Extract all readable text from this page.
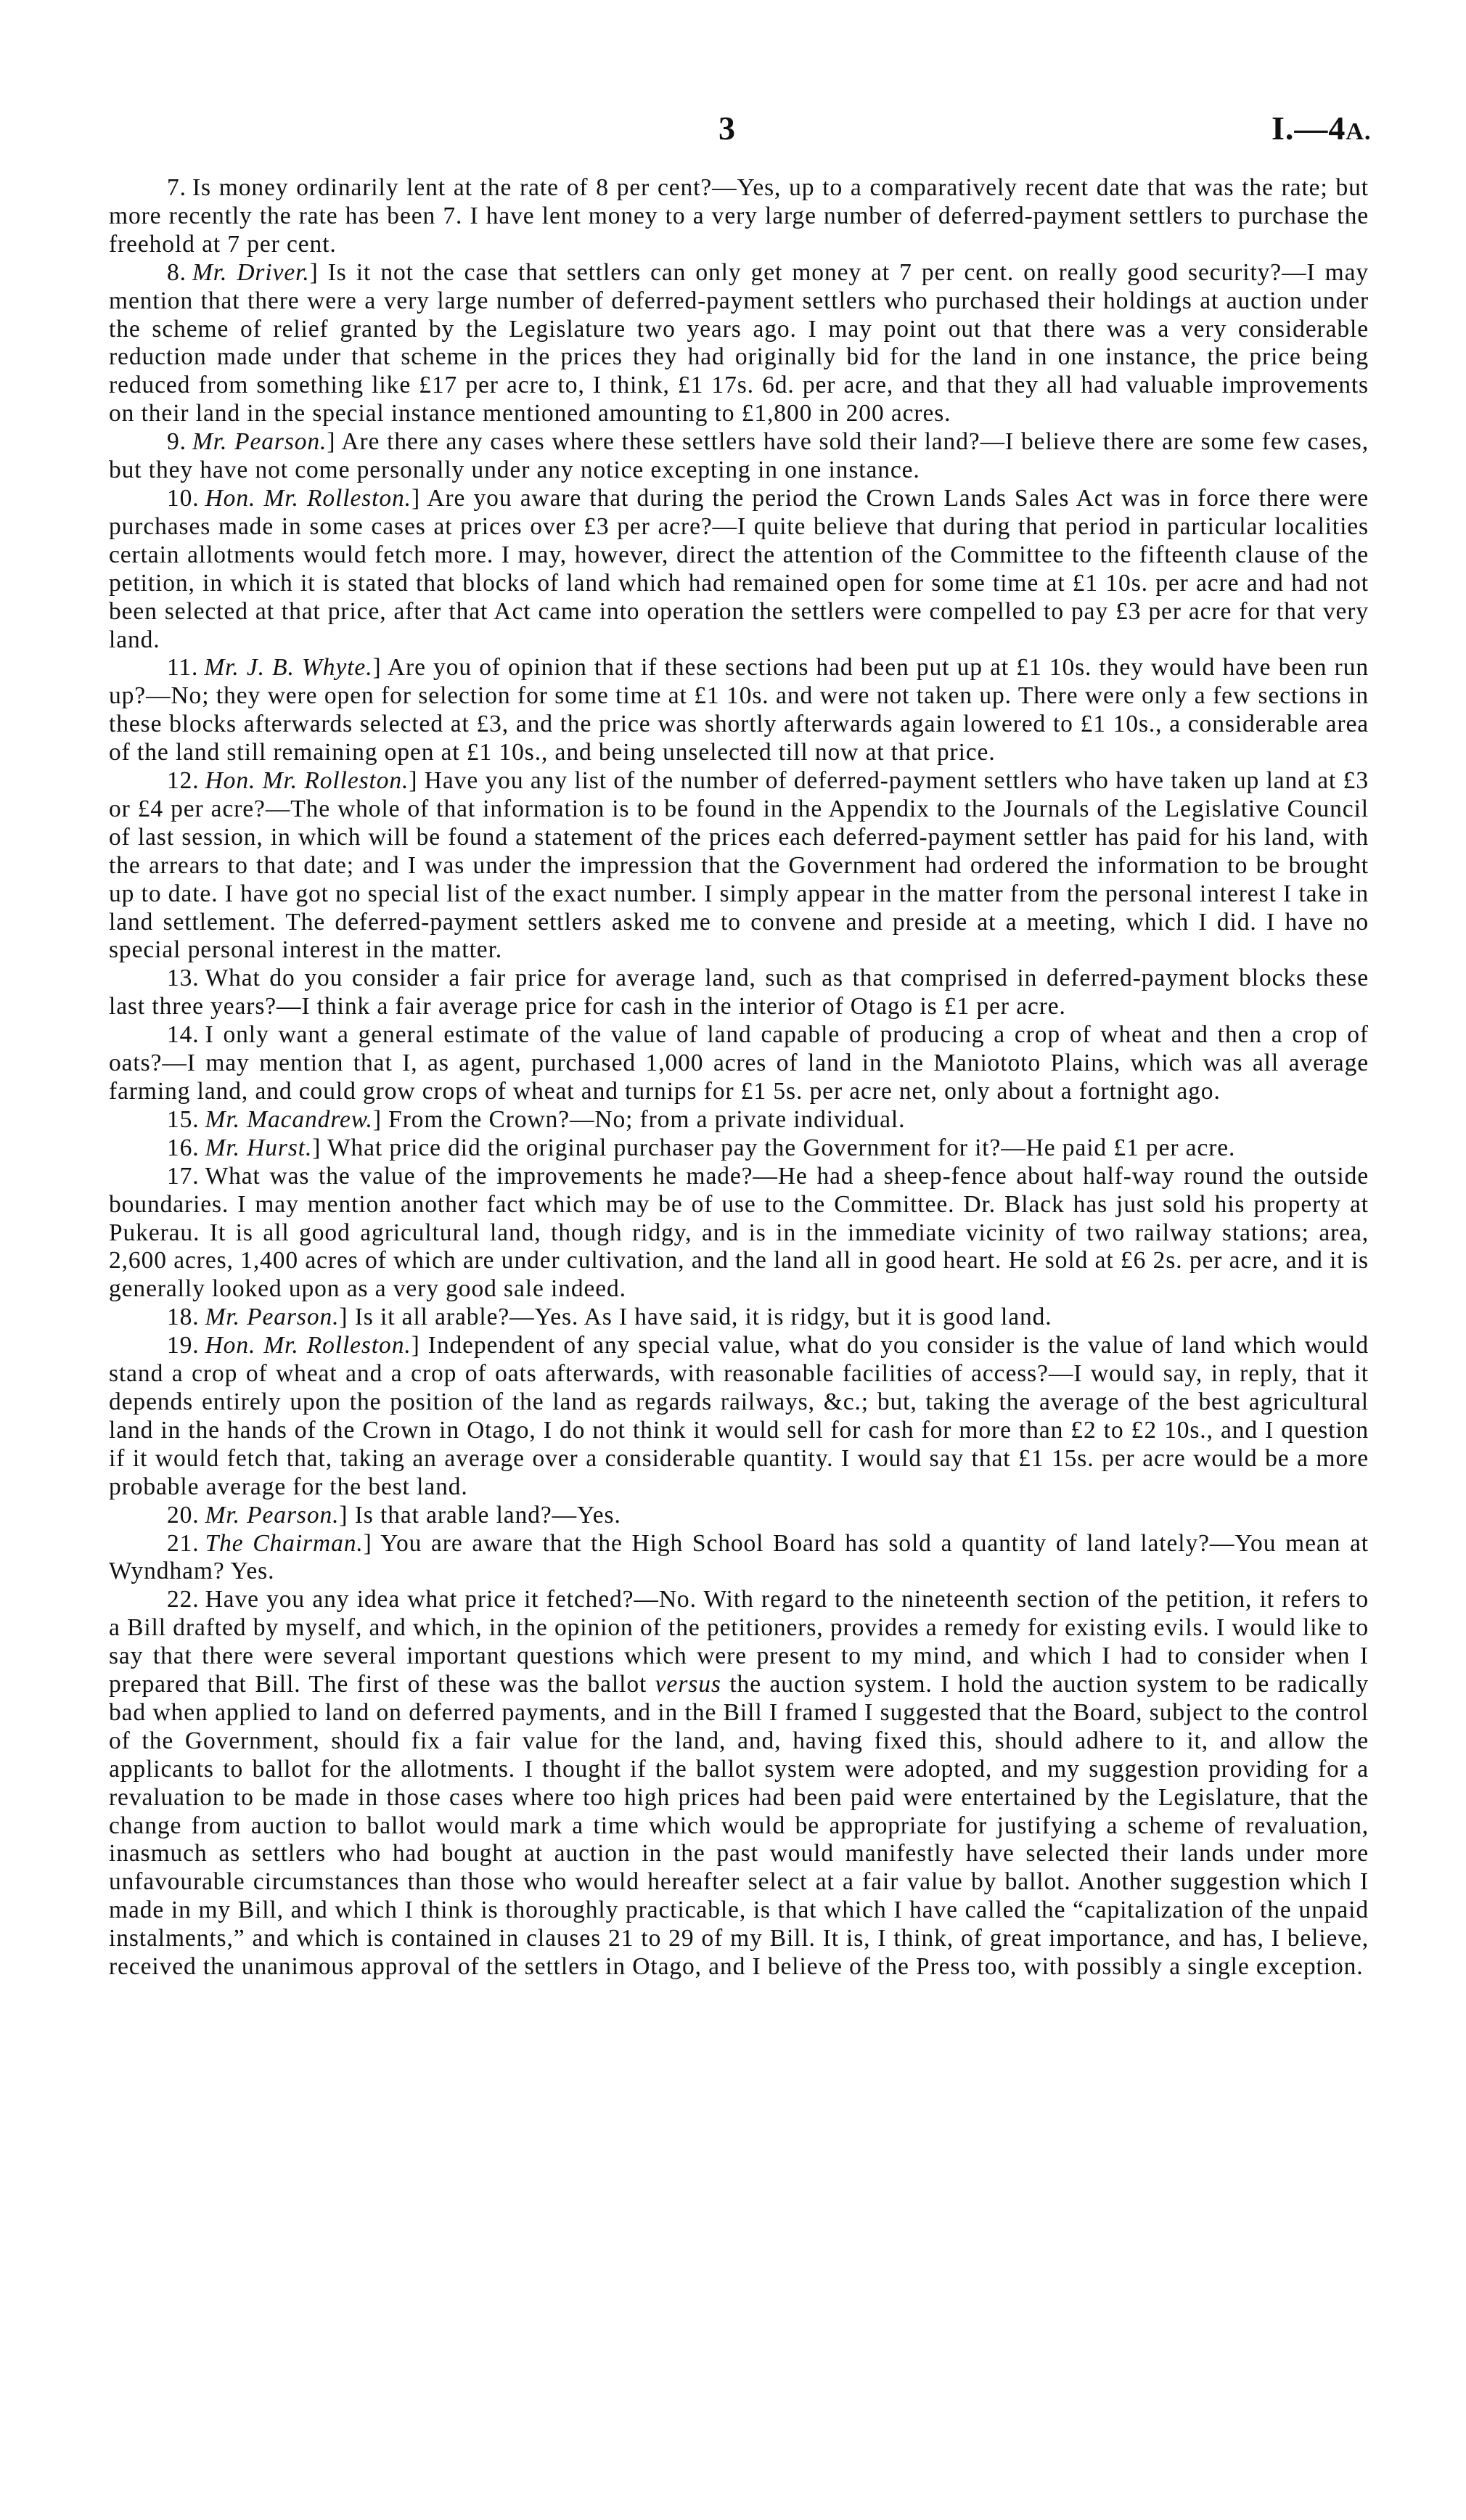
3	I.—4A.

7. Is money ordinarily lent at the rate of 8 per cent?—Yes, up to a comparatively recent date that was the rate; but more recently the rate has been 7. I have lent money to a very large number of deferred-payment settlers to purchase the freehold at 7 per cent.

8. Mr. Driver.] Is it not the case that settlers can only get money at 7 per cent. on really good security?—I may mention that there were a very large number of deferred-payment settlers who purchased their holdings at auction under the scheme of relief granted by the Legislature two years ago. I may point out that there was a very considerable reduction made under that scheme in the prices they had originally bid for the land in one instance, the price being reduced from something like £17 per acre to, I think, £1 17s. 6d. per acre, and that they all had valuable improvements on their land in the special instance mentioned amounting to £1,800 in 200 acres.

9. Mr. Pearson.] Are there any cases where these settlers have sold their land?—I believe there are some few cases, but they have not come personally under any notice excepting in one instance.

10. Hon. Mr. Rolleston.] Are you aware that during the period the Crown Lands Sales Act was in force there were purchases made in some cases at prices over £3 per acre?—I quite believe that during that period in particular localities certain allotments would fetch more. I may, however, direct the attention of the Committee to the fifteenth clause of the petition, in which it is stated that blocks of land which had remained open for some time at £1 10s. per acre and had not been selected at that price, after that Act came into operation the settlers were compelled to pay £3 per acre for that very land.

11. Mr. J. B. Whyte.] Are you of opinion that if these sections had been put up at £1 10s. they would have been run up?—No; they were open for selection for some time at £1 10s. and were not taken up. There were only a few sections in these blocks afterwards selected at £3, and the price was shortly afterwards again lowered to £1 10s., a considerable area of the land still remaining open at £1 10s., and being unselected till now at that price.

12. Hon. Mr. Rolleston.] Have you any list of the number of deferred-payment settlers who have taken up land at £3 or £4 per acre?—The whole of that information is to be found in the Appendix to the Journals of the Legislative Council of last session, in which will be found a statement of the prices each deferred-payment settler has paid for his land, with the arrears to that date; and I was under the impression that the Government had ordered the information to be brought up to date. I have got no special list of the exact number. I simply appear in the matter from the personal interest I take in land settlement. The deferred-payment settlers asked me to convene and preside at a meeting, which I did. I have no special personal interest in the matter.

13. What do you consider a fair price for average land, such as that comprised in deferred-payment blocks these last three years?—I think a fair average price for cash in the interior of Otago is £1 per acre.

14. I only want a general estimate of the value of land capable of producing a crop of wheat and then a crop of oats?—I may mention that I, as agent, purchased 1,000 acres of land in the Maniototo Plains, which was all average farming land, and could grow crops of wheat and turnips for £1 5s. per acre net, only about a fortnight ago.

15. Mr. Macandrew.] From the Crown?—No; from a private individual.

16. Mr. Hurst.] What price did the original purchaser pay the Government for it?—He paid £1 per acre.

17. What was the value of the improvements he made?—He had a sheep-fence about half-way round the outside boundaries. I may mention another fact which may be of use to the Committee. Dr. Black has just sold his property at Pukerau. It is all good agricultural land, though ridgy, and is in the immediate vicinity of two railway stations; area, 2,600 acres, 1,400 acres of which are under cultivation, and the land all in good heart. He sold at £6 2s. per acre, and it is generally looked upon as a very good sale indeed.

18. Mr. Pearson.] Is it all arable?—Yes. As I have said, it is ridgy, but it is good land.

19. Hon. Mr. Rolleston.] Independent of any special value, what do you consider is the value of land which would stand a crop of wheat and a crop of oats afterwards, with reasonable facilities of access?—I would say, in reply, that it depends entirely upon the position of the land as regards railways, &c.; but, taking the average of the best agricultural land in the hands of the Crown in Otago, I do not think it would sell for cash for more than £2 to £2 10s., and I question if it would fetch that, taking an average over a considerable quantity. I would say that £1 15s. per acre would be a more probable average for the best land.

20. Mr. Pearson.] Is that arable land?—Yes.

21. The Chairman.] You are aware that the High School Board has sold a quantity of land lately?—You mean at Wyndham? Yes.

22. Have you any idea what price it fetched?—No. With regard to the nineteenth section of the petition, it refers to a Bill drafted by myself, and which, in the opinion of the petitioners, provides a remedy for existing evils. I would like to say that there were several important questions which were present to my mind, and which I had to consider when I prepared that Bill. The first of these was the ballot versus the auction system. I hold the auction system to be radically bad when applied to land on deferred payments, and in the Bill I framed I suggested that the Board, subject to the control of the Government, should fix a fair value for the land, and, having fixed this, should adhere to it, and allow the applicants to ballot for the allotments. I thought if the ballot system were adopted, and my suggestion providing for a revaluation to be made in those cases where too high prices had been paid were entertained by the Legislature, that the change from auction to ballot would mark a time which would be appropriate for justifying a scheme of revaluation, inasmuch as settlers who had bought at auction in the past would manifestly have selected their lands under more unfavourable circumstances than those who would hereafter select at a fair value by ballot. Another suggestion which I made in my Bill, and which I think is thoroughly practicable, is that which I have called the “capitalization of the unpaid instalments,” and which is contained in clauses 21 to 29 of my Bill. It is, I think, of great importance, and has, I believe, received the unanimous approval of the settlers in Otago, and I believe of the Press too, with possibly a single exception.
